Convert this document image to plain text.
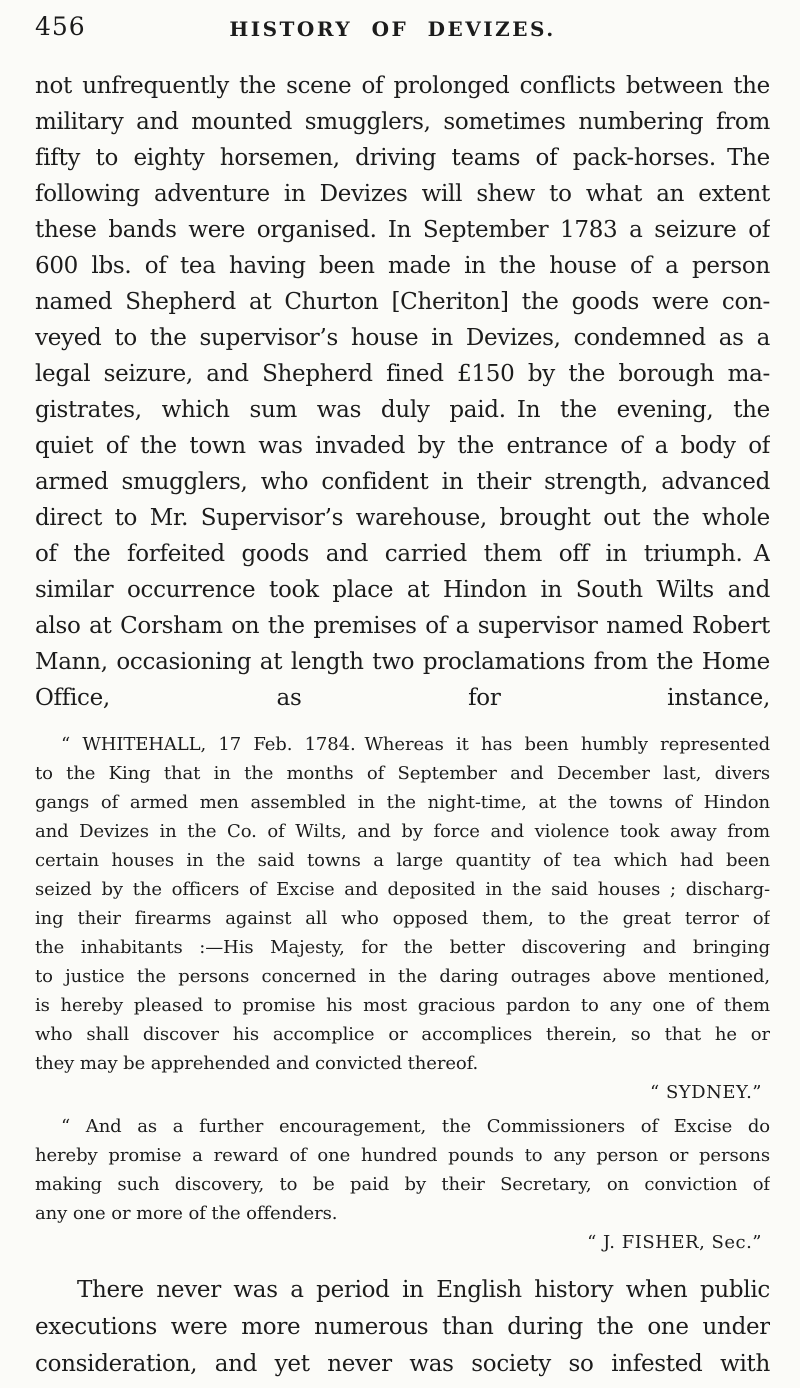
456	HISTORY OF DEVIZES.
not unfrequently the scene of prolonged conflicts between the
military and mounted smugglers, sometimes numbering from
fifty to eighty horsemen, driving teams of pack-horses. The
following adventure in Devizes will shew to what an extent
these bands were organised. In September 1783 a seizure of
600 lbs. of tea having been made in the house of a person
named Shepherd at Churton [Cheriton] the goods were con-
veyed to the supervisor’s house in Devizes, condemned as a
legal seizure, and Shepherd fined £150 by the borough ma-
gistrates, which sum was duly paid. In the evening, the
quiet of the town was invaded by the entrance of a body of
armed smugglers, who confident in their strength, advanced
direct to Mr. Supervisor’s warehouse, brought out the whole
of the forfeited goods and carried them off in triumph. A
similar occurrence took place at Hindon in South Wilts and
also at Corsham on the premises of a supervisor named Robert
Mann, occasioning at length two proclamations from the Home
Office, as for instance,
“ WHITEHALL, 17 Feb. 1784. Whereas it has been humbly represented
to the King that in the months of September and December last, divers
gangs of armed men assembled in the night-time, at the towns of Hindon
and Devizes in the Co. of Wilts, and by force and violence took away from
certain houses in the said towns a large quantity of tea which had been
seized by the officers of Excise and deposited in the said houses ; discharg-
ing their firearms against all who opposed them, to the great terror of
the inhabitants :—His Majesty, for the better discovering and bringing
to justice the persons concerned in the daring outrages above mentioned,
is hereby pleased to promise his most gracious pardon to any one of them
who shall discover his accomplice or accomplices therein, so that he or
they may be apprehended and convicted thereof.
“ SYDNEY.”
“ And as a further encouragement, the Commissioners of Excise do
hereby promise a reward of one hundred pounds to any person or persons
making such discovery, to be paid by their Secretary, on conviction of
any one or more of the offenders.
“ J. FISHER, Sec.”
There never was a period in English history when public
executions were more numerous than during the one under
consideration, and yet never was society so infested with
